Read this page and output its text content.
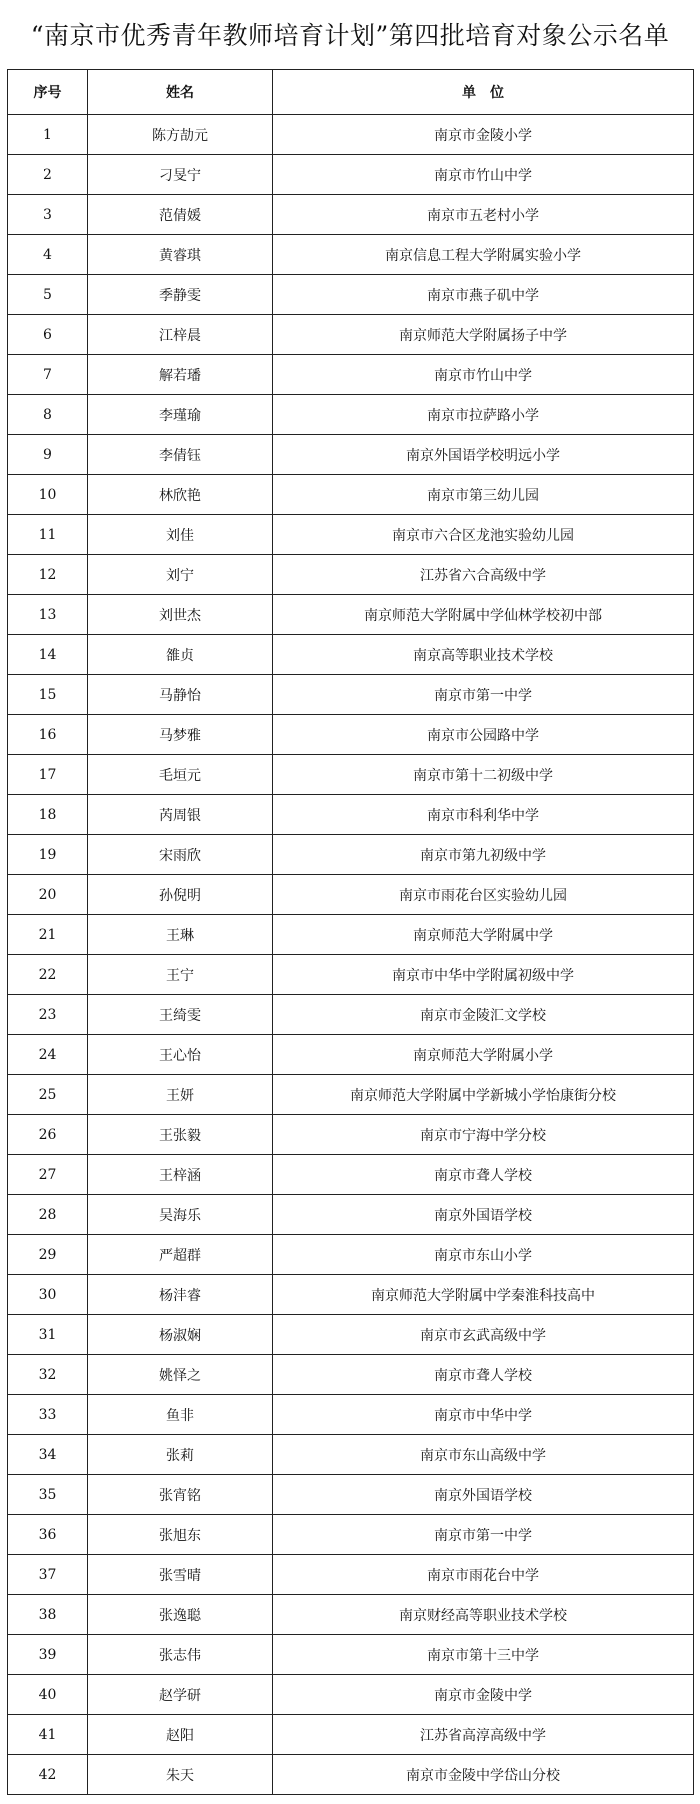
“南京市优秀青年教师培育计划”第四批培育对象公示名单
序号	姓名	单　位
1	陈方劼元	南京市金陵小学
2	刁旻宁	南京市竹山中学
3	范倩媛	南京市五老村小学
4	黄睿琪	南京信息工程大学附属实验小学
5	季静雯	南京市燕子矶中学
6	江梓晨	南京师范大学附属扬子中学
7	解若璠	南京市竹山中学
8	李瑾瑜	南京市拉萨路小学
9	李倩钰	南京外国语学校明远小学
10	林欣艳	南京市第三幼儿园
11	刘佳	南京市六合区龙池实验幼儿园
12	刘宁	江苏省六合高级中学
13	刘世杰	南京师范大学附属中学仙林学校初中部
14	雒贞	南京高等职业技术学校
15	马静怡	南京市第一中学
16	马梦雅	南京市公园路中学
17	毛垣元	南京市第十二初级中学
18	芮周银	南京市科利华中学
19	宋雨欣	南京市第九初级中学
20	孙倪明	南京市雨花台区实验幼儿园
21	王琳	南京师范大学附属中学
22	王宁	南京市中华中学附属初级中学
23	王绮雯	南京市金陵汇文学校
24	王心怡	南京师范大学附属小学
25	王妍	南京师范大学附属中学新城小学怡康街分校
26	王张毅	南京市宁海中学分校
27	王梓涵	南京市聋人学校
28	吴海乐	南京外国语学校
29	严超群	南京市东山小学
30	杨沣睿	南京师范大学附属中学秦淮科技高中
31	杨淑娴	南京市玄武高级中学
32	姚怿之	南京市聋人学校
33	鱼非	南京市中华中学
34	张莉	南京市东山高级中学
35	张宵铭	南京外国语学校
36	张旭东	南京市第一中学
37	张雪晴	南京市雨花台中学
38	张逸聪	南京财经高等职业技术学校
39	张志伟	南京市第十三中学
40	赵学研	南京市金陵中学
41	赵阳	江苏省高淳高级中学
42	朱天	南京市金陵中学岱山分校
